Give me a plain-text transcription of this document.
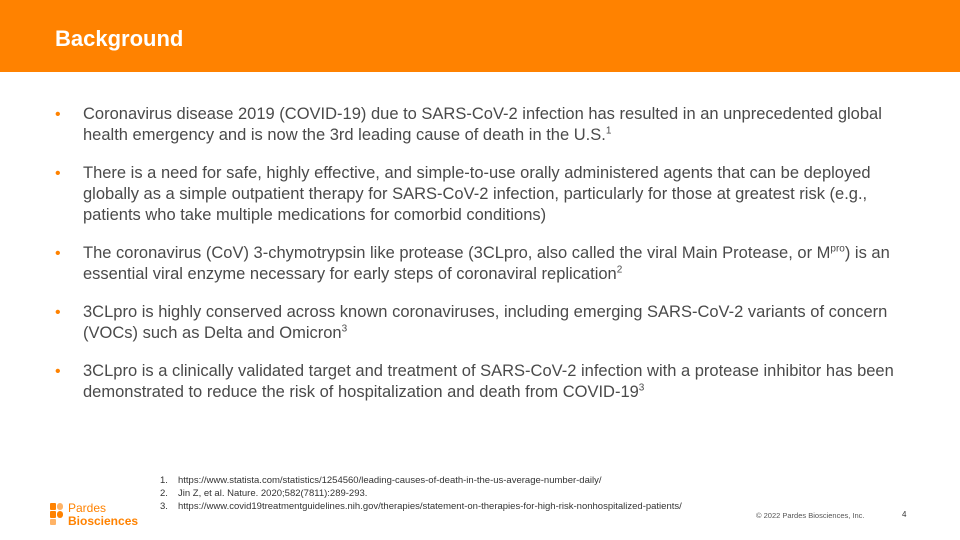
Background
• Coronavirus disease 2019 (COVID-19) due to SARS-CoV-2 infection has resulted in an unprecedented global health emergency and is now the 3rd leading cause of death in the U.S.$^1$
• There is a need for safe, highly effective, and simple-to-use orally administered agents that can be deployed globally as a simple outpatient therapy for SARS-CoV-2 infection, particularly for those at greatest risk (e.g., patients who take multiple medications for comorbid conditions)
• The coronavirus (CoV) 3-chymotrypsin like protease (3CLpro, also called the viral Main Protease, or $M^{pro}$) is an essential viral enzyme necessary for early steps of coronaviral replication$^2$
• 3CLpro is highly conserved across known coronaviruses, including emerging SARS-CoV-2 variants of concern (VOCs) such as Delta and Omicron$^3$
• 3CLpro is a clinically validated target and treatment of SARS-CoV-2 infection with a protease inhibitor has been demonstrated to reduce the risk of hospitalization and death from COVID-$19^3$
1. https://www.statista.com/statistics/1254560/leading-causes-of-death-in-the-us-average-number-daily/
2. Jin Z, et al. Nature. 2020;582(7811):289-293.
3. https://www.covid19treatmentguidelines.nih.gov/therapies/statement-on-therapies-for-high-risk-nonhospitalized-patients/
Pardes
Biosciences	© 2022 Pardes Biosciences, Inc.	4
